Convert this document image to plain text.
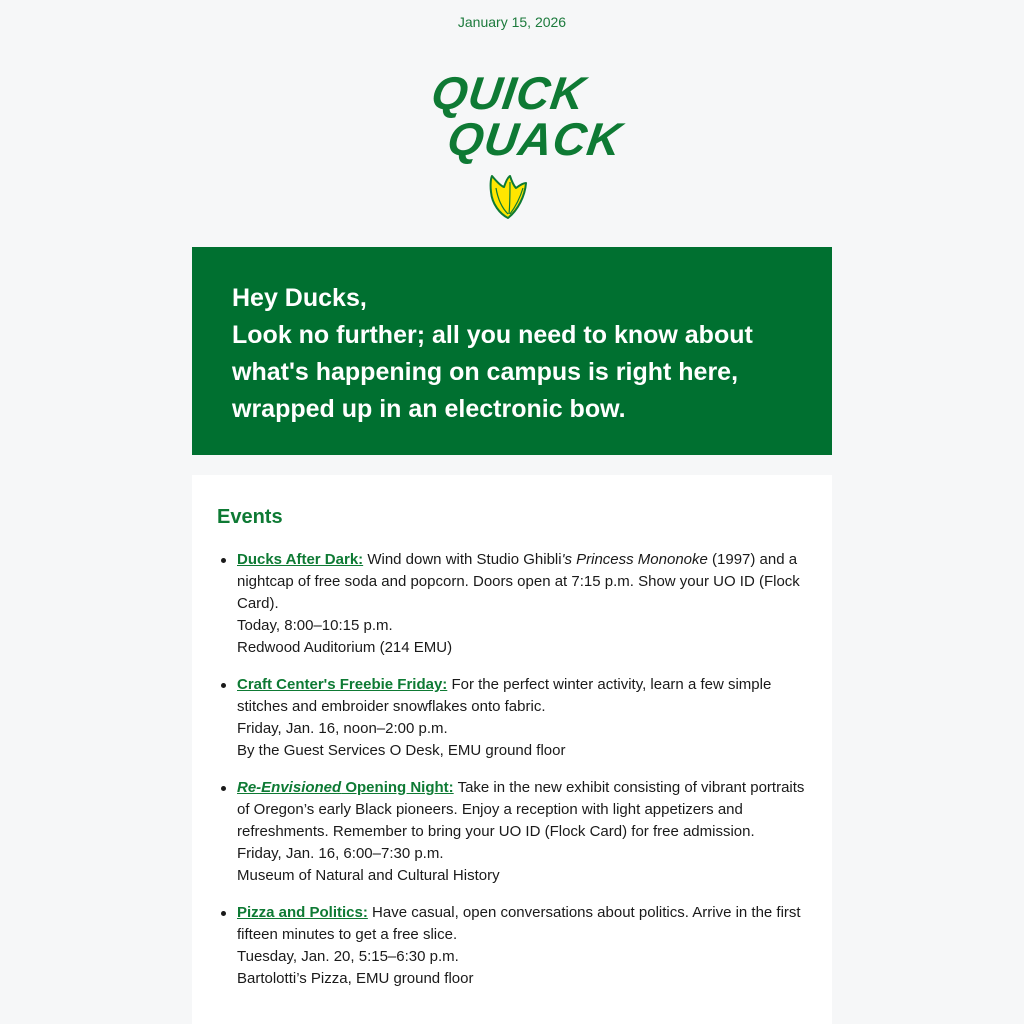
January 15, 2026
QUICK
QUACK

Hey Ducks,

Look no further; all you need to know about what's happening on campus is right here, wrapped up in an electronic bow.

Events
Ducks After Dark: Wind down with Studio Ghibli's Princess Mononoke (1997) and a nightcap of free soda and popcorn. Doors open at 7:15 p.m. Show your UO ID (Flock Card).
Today, 8:00–10:15 p.m.
Redwood Auditorium (214 EMU)
Craft Center's Freebie Friday: For the perfect winter activity, learn a few simple stitches and embroider snowflakes onto fabric.
Friday, Jan. 16, noon–2:00 p.m.
By the Guest Services O Desk, EMU ground floor
Re-Envisioned Opening Night: Take in the new exhibit consisting of vibrant portraits of Oregon’s early Black pioneers. Enjoy a reception with light appetizers and refreshments. Remember to bring your UO ID (Flock Card) for free admission.
Friday, Jan. 16, 6:00–7:30 p.m.
Museum of Natural and Cultural History
Pizza and Politics: Have casual, open conversations about politics. Arrive in the first fifteen minutes to get a free slice.
Tuesday, Jan. 20, 5:15–6:30 p.m.
Bartolotti’s Pizza, EMU ground floor
